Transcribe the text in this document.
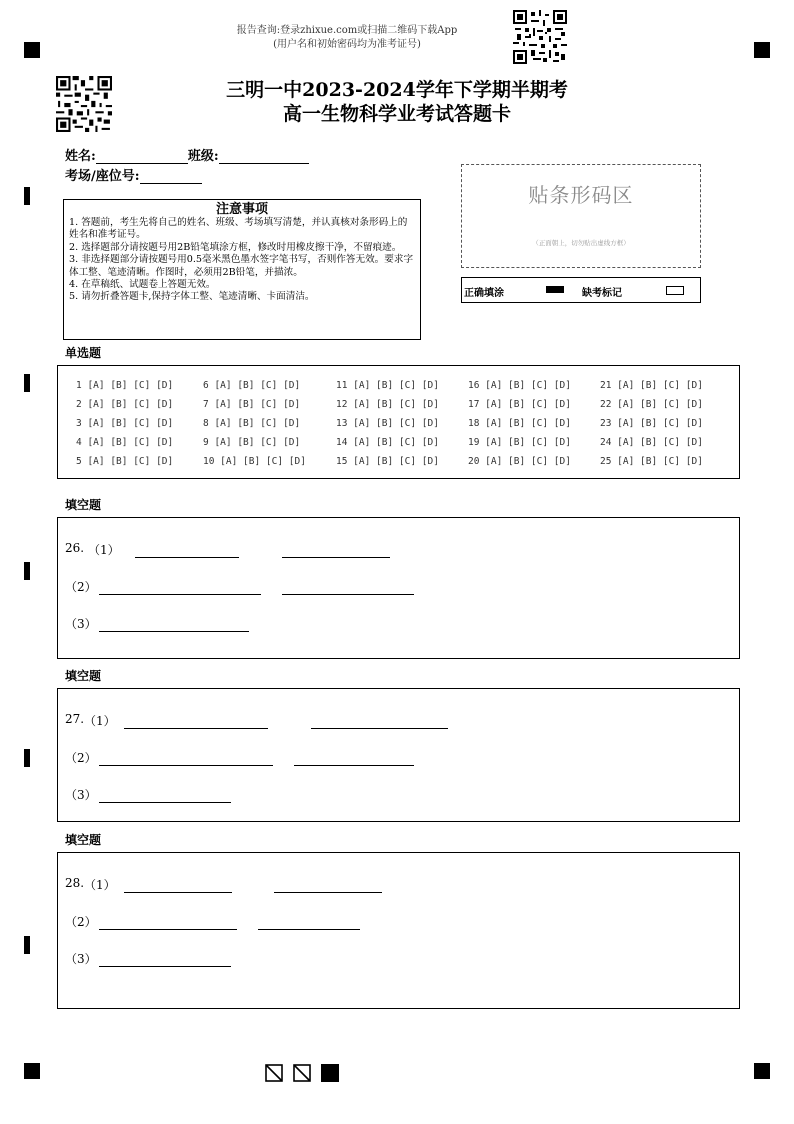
报告查询:登录zhixue.com或扫描二维码下载App
(用户名和初始密码均为准考证号)
三明一中2023-2024学年下学期半期考
高一生物科学业考试答题卡
姓名:	班级:
考场/座位号:
注意事项
1. 答题前，考生先将自己的姓名、班级、考场填写清楚，并认真核对条形码上的姓名和准考证号。
2. 选择题部分请按题号用2B铅笔填涂方框，修改时用橡皮擦干净，不留痕迹。
3. 非选择题部分请按题号用0.5毫米黑色墨水签字笔书写，否则作答无效。要求字体工整、笔迹清晰。作图时，必须用2B铅笔，并描浓。
4. 在草稿纸、试题卷上答题无效。
5. 请勿折叠答题卡,保持字体工整、笔迹清晰、卡面清洁。
贴条形码区
（正面朝上，切勿贴出虚线方框）
正确填涂	缺考标记
单选题
1 [A] [B] [C] [D]
2 [A] [B] [C] [D]
3 [A] [B] [C] [D]
4 [A] [B] [C] [D]
5 [A] [B] [C] [D]
6 [A] [B] [C] [D]
7 [A] [B] [C] [D]
8 [A] [B] [C] [D]
9 [A] [B] [C] [D]
10 [A] [B] [C] [D]
11 [A] [B] [C] [D]
12 [A] [B] [C] [D]
13 [A] [B] [C] [D]
14 [A] [B] [C] [D]
15 [A] [B] [C] [D]
16 [A] [B] [C] [D]
17 [A] [B] [C] [D]
18 [A] [B] [C] [D]
19 [A] [B] [C] [D]
20 [A] [B] [C] [D]
21 [A] [B] [C] [D]
22 [A] [B] [C] [D]
23 [A] [B] [C] [D]
24 [A] [B] [C] [D]
25 [A] [B] [C] [D]
填空题
26. （1）
（2）
（3）
填空题
27. （1）
（2）
（3）
填空题
28. （1）
（2）
（3）
